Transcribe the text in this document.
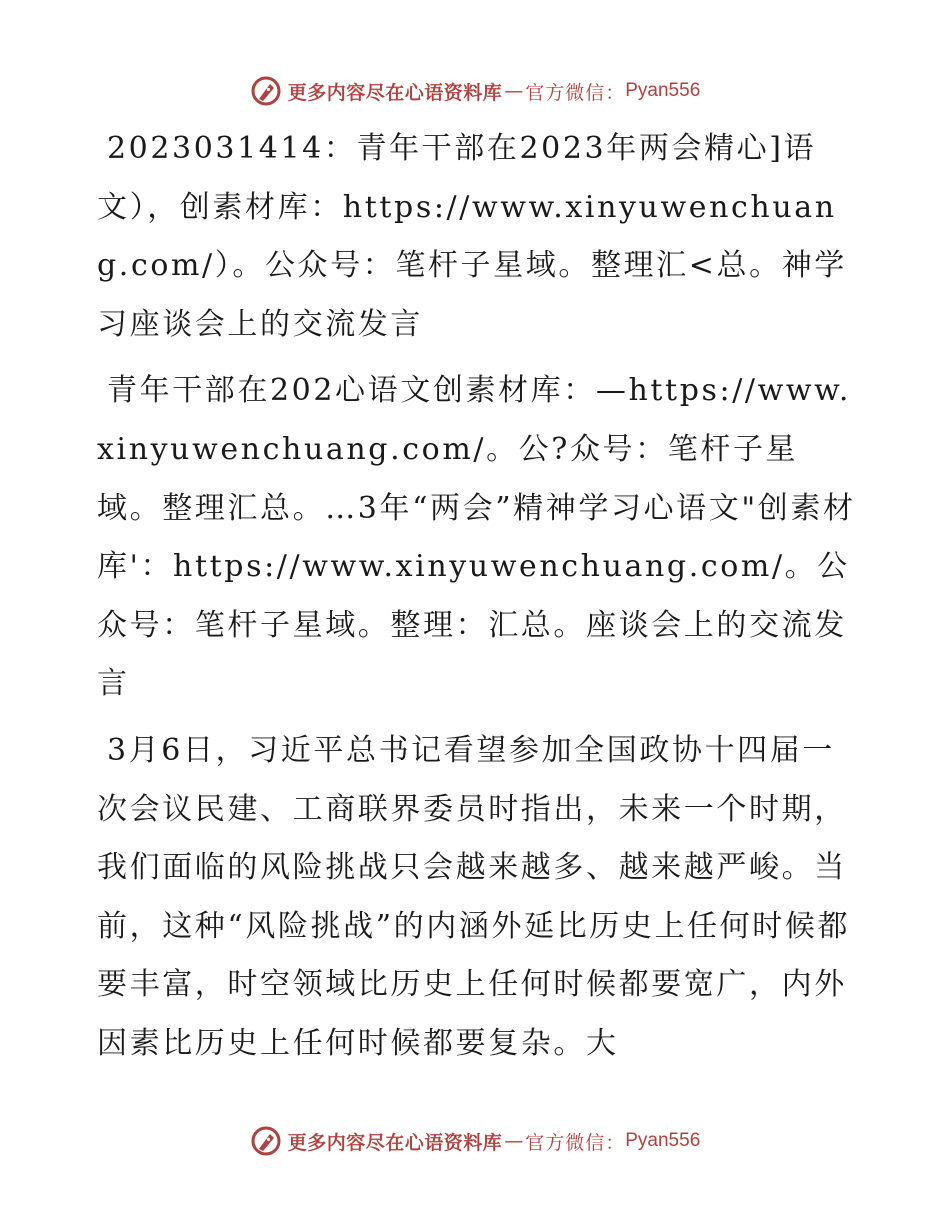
更多内容尽在心语资料库 — 官方微信： Pyan556

2023031414：青年干部在2023年两会精心]语文），创素材库：https://www.xinyuwenchuang.com/）。公众号：笔杆子星域。整理汇<总。神学习座谈会上的交流发言

青年干部在202心语文创素材库：—https://www.xinyuwenchuang.com/。公?众号：笔杆子星域。整理汇总。…3年“两会”精神学习心语文"创素材库'：https://www.xinyuwenchuang.com/。公众号：笔杆子星域。整理：汇总。座谈会上的交流发言

3月6日，习近平总书记看望参加全国政协十四届一次会议民建、工商联界委员时指出，未来一个时期，我们面临的风险挑战只会越来越多、越来越严峻。当前，这种“风险挑战”的内涵外延比历史上任何时候都要丰富，时空领域比历史上任何时候都要宽广，内外因素比历史上任何时候都要复杂。大

更多内容尽在心语资料库 — 官方微信： Pyan556
